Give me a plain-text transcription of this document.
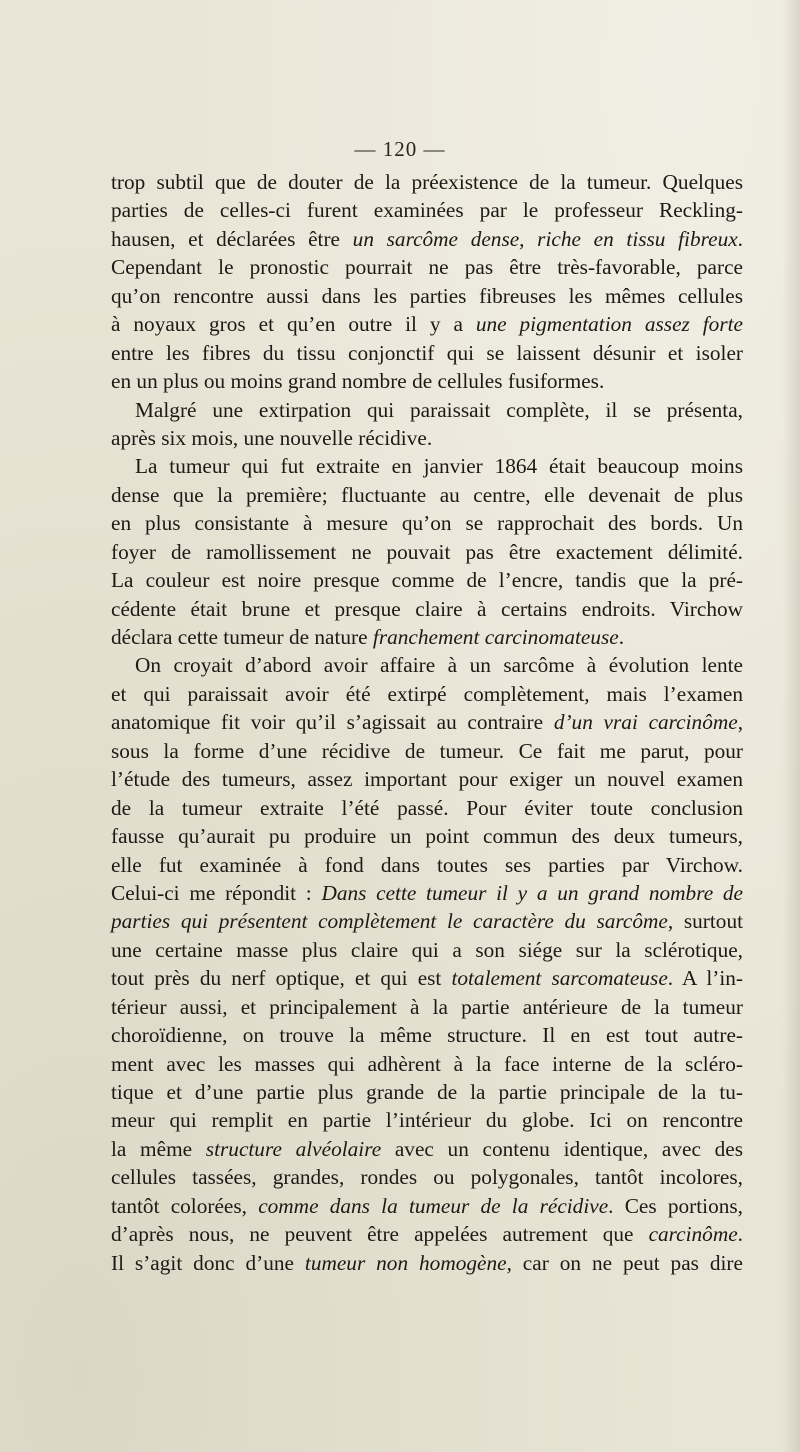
— 120 —
trop subtil que de douter de la préexistence de la tumeur. Quelques
parties de celles-ci furent examinées par le professeur Reckling-
hausen, et déclarées être un sarcôme dense, riche en tissu fibreux.
Cependant le pronostic pourrait ne pas être très-favorable, parce
qu’on rencontre aussi dans les parties fibreuses les mêmes cellules
à noyaux gros et qu’en outre il y a une pigmentation assez forte
entre les fibres du tissu conjonctif qui se laissent désunir et isoler
en un plus ou moins grand nombre de cellules fusiformes.
Malgré une extirpation qui paraissait complète, il se présenta,
après six mois, une nouvelle récidive.
La tumeur qui fut extraite en janvier 1864 était beaucoup moins
dense que la première; fluctuante au centre, elle devenait de plus
en plus consistante à mesure qu’on se rapprochait des bords. Un
foyer de ramollissement ne pouvait pas être exactement délimité.
La couleur est noire presque comme de l’encre, tandis que la pré-
cédente était brune et presque claire à certains endroits. Virchow
déclara cette tumeur de nature franchement carcinomateuse.
On croyait d’abord avoir affaire à un sarcôme à évolution lente
et qui paraissait avoir été extirpé complètement, mais l’examen
anatomique fit voir qu’il s’agissait au contraire d’un vrai carcinôme,
sous la forme d’une récidive de tumeur. Ce fait me parut, pour
l’étude des tumeurs, assez important pour exiger un nouvel examen
de la tumeur extraite l’été passé. Pour éviter toute conclusion
fausse qu’aurait pu produire un point commun des deux tumeurs,
elle fut examinée à fond dans toutes ses parties par Virchow.
Celui-ci me répondit : Dans cette tumeur il y a un grand nombre de
parties qui présentent complètement le caractère du sarcôme, surtout
une certaine masse plus claire qui a son siége sur la sclérotique,
tout près du nerf optique, et qui est totalement sarcomateuse. A l’in-
térieur aussi, et principalement à la partie antérieure de la tumeur
choroïdienne, on trouve la même structure. Il en est tout autre-
ment avec les masses qui adhèrent à la face interne de la scléro-
tique et d’une partie plus grande de la partie principale de la tu-
meur qui remplit en partie l’intérieur du globe. Ici on rencontre
la même structure alvéolaire avec un contenu identique, avec des
cellules tassées, grandes, rondes ou polygonales, tantôt incolores,
tantôt colorées, comme dans la tumeur de la récidive. Ces portions,
d’après nous, ne peuvent être appelées autrement que carcinôme.
Il s’agit donc d’une tumeur non homogène, car on ne peut pas dire
